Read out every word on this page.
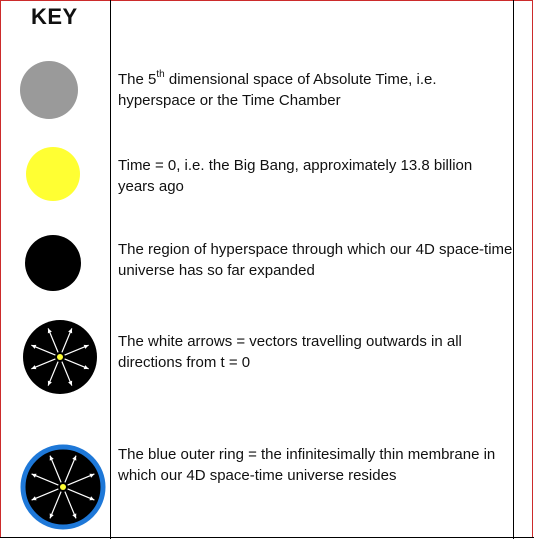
KEY
The 5th dimensional space of Absolute Time, i.e. hyperspace or the Time Chamber
Time = 0, i.e. the Big Bang, approximately 13.8 billion years ago
The region of hyperspace through which our 4D space-time universe has so far expanded
The white arrows = vectors travelling outwards in all directions from t = 0
The blue outer ring = the infinitesimally thin membrane in which our 4D space-time universe resides
